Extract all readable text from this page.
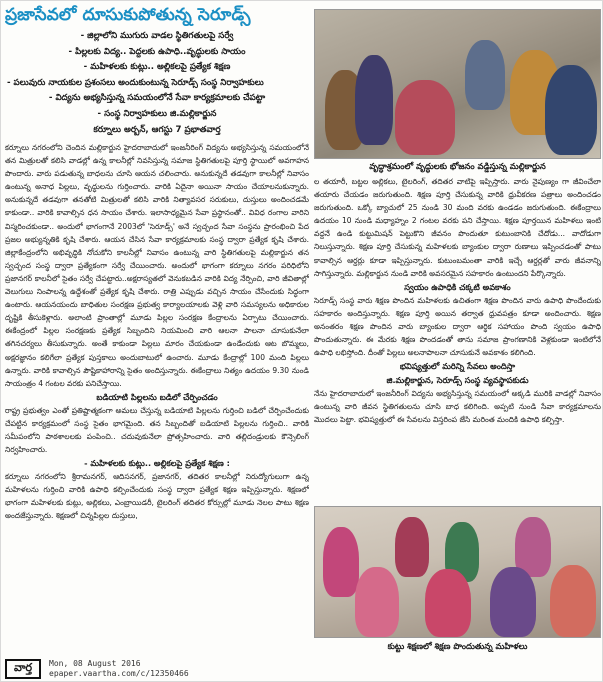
ప్రజాసేవలో దూసుకుపోతున్న సెరూడ్స్
- జిల్లాలోని ముగురు వాడల స్థితిగతులపై సర్వే
- పిల్లలకు విద్య.. పెద్దలకు ఉపాధి..వృద్ధులకు సాయం
- మహిళలకు కుట్లు.. అల్లికలపై ప్రత్యేక శిక్షణ
- పలువురు నాయకుల ప్రశంసలు అందుకుంటున్న సెరూడ్స్ సంస్థ నిర్వాహకులు
- విద్యను అభ్యసిస్తున్న సమయంలోనే సేవా కార్యక్రమాలకు చేపట్టా
- సంస్థ నిర్వాహకులు జి.మల్లికార్జున
కర్నూలు అర్బన్, ఆగస్టు 7 ప్రభాతవార్త
వృద్ధాశ్రమంలో వృద్ధులకు భోజనం వడ్డిస్తున్న మల్లికార్జున

కర్నూలు నగరంలోని చెందిన మల్లికార్జున హైదరాబాదులో ఇంజనీరింగ్ విద్యను అభ్యసిస్తున్న సమయంలోనే తన మిత్రులతో కలిసి వాడల్లో ఉన్న కాలనీల్లో నివసిస్తున్న సమాజ స్థితిగతులపై పూర్తి స్థాయిలో అవగాహన పొందారు. వారు పడుతున్న బాధలను చూసి ఆయన చలించారు. అనుకున్నదే తడవుగా కాలనీల్లో నివాసం ఉంటున్న అనాధ పిల్లలు, వృద్ధులను గుర్తించారు. వారికి ఏదైనా అయినా సాయం చేయాలనుకున్నారు. అనుకున్నదే తడవుగా తనతోటి మిత్రులతో కలిసి వారికి నిత్యావసర సరుకులు, దుస్తులు అందించడమే కాకుండా.. వారికి కావాల్సిన ధన సాయం చేశారు. ఇలాసాధ్యమైన సేవా ప్రస్థానంతో.. వివిధ రంగాల వారిని విస్మరించకుండా.. అందులో భాగంగానే 2003లో 'సెరూడ్స్' అనే స్వచ్ఛంద సేవా సంస్థను ప్రారంభించి పేద ప్రజల అభ్యున్నతికి కృషి చేశారు. ఆయన చేసిన సేవా కార్యక్రమాలకు సంస్థ ద్వారా ప్రత్యేక కృషి చేశారు. జిల్లాకేంద్రంలోని అభివృద్ధికి నోచుకోని కాలనీల్లో నివాసం ఉంటున్న వారి స్థితిగతులపై మల్లికార్జున తన స్వచ్ఛంద సంస్థ ద్వారా ప్రత్యేకంగా సర్వే చేయించారు. అందులో భాగంగా కర్నూలు నగరం పరిధిలోని ప్రజానగర్ కాలనీలో సైతం సర్వే చేపట్టారు..అక్షరాస్యతలో వెనుకబడిన వారికి విద్య నేర్పించి, వారి జీవితాల్లో వెలుగులు నింపాలన్న ఉద్దేశంతో ప్రత్యేక కృషి చేశారు. రాత్రి ఎప్పుడు వచ్చిన సాయం చేసేందుకు సిద్ధంగా ఉంటారు. ఆయనయందు బాధితుల సంరక్షణ ప్రభుత్వ కార్యాలయాలకు వెళ్లి వారి సమస్యలను అధికారుల దృష్టికి తీసుకెళ్లారు. అలాంటి ప్రాంతాల్లో మూడు పిల్లల సంరక్షణ కేంద్రాలను ఏర్పాటు చేయించారు. ఈకేంద్రంలో పిల్లల సంరక్షణకు ప్రత్యేక సిబ్బందిని నియమించి వారి ఆలనా పాలనా చూసుకునేలా తగినచర్యలు తీసుకున్నారు. అంతే కాకుండా పిల్లలు మారం చేయకుండా ఉండేందుకు ఆట బొమ్మలు, అక్షరజ్ఞానం కలిగేలా ప్రత్యేక పుస్తకాలు అందుబాటులో ఉంచారు. మూడు కేంద్రాల్లో 100 మంది పిల్లలు ఉన్నారు. వారికి కావాల్సిన పౌష్టికాహారాన్ని సైతం అందిస్తున్నారు. ఈకేంద్రాలు నిత్యం ఉదయం 9.30 నుండి సాయంత్రం 4 గంటల వరకు పనిచేస్తాయి.

బడియాటి పిల్లలను బడిలో చేర్పించడం

రాష్ట్ర ప్రభుత్వం ఎంతో ప్రతిష్టాత్మకంగా అమలు చేస్తున్న బడియాటి పిల్లలను గుర్తించి బడిలో చేర్పించేందుకు చేపట్టిన కార్యక్రమంలో సంస్థ సైతం భాగమైంది. తన సిబ్బందితో బడియాటి పిల్లలను గుర్తించి.. వారికి సమీపంలోని పాఠశాలలకు పంపించి.. చదువుకునేలా ప్రోత్సహించారు. వారి తల్లిదండ్రులకు కౌన్సెలింగ్ నిర్వహించారు.

- మహిళలకు కుట్లు.. అల్లికలపై ప్రత్యేక శిక్షణ :

కర్నూలు నగరంలోని శ్రీరామనగర్, ఆదిసనగర్, ప్రజానగర్, తదితర కాలనీల్లో నిరుద్యోగులుగా ఉన్న మహిళలను గుర్తించి వారికి ఉపాధి కల్పించేందుకు సంస్థ ద్వారా ప్రత్యేక శిక్షణ ఇప్పిస్తున్నారు. శిక్షణలో భాగంగా మహిళలకు కుట్లు, అల్లికలు, ఎంబ్రాయిడరీ, టైలరింగ్ తదితర కోర్సుల్లో మూడు నెలల పాటు శిక్షణ అందజేస్తున్నారు. శిక్షణలో చిన్నపిల్లల దుస్తులు,

ల తయారీ, బట్టల అల్లికలు, టైలరింగ్, తదితర వాటిపై ఇప్పిస్తారు. వారు నైపుణ్యం గా జీవించేలా తయారు చేయడం జరుగుతుంది. శిక్షణ పూర్తి చేసుకున్న వారికి ధ్రువీకరణ పత్రాలు అందించడం జరుగుతుంది. ఒక్కో బ్యాచులో 25 నుండి 30 మంది వరకు ఉండడం జరుగుతుంది. ఈకేంద్రాలు ఉదయం 10 నుండి మధ్యాహ్నం 2 గంటల వరకు పని చేస్తాయి. శిక్షణ పూర్తయిన మహిళలు ఇంటి వద్దనే ఉండి కుట్టుమిషన్ పెట్టుకొని జీవనం పొందుతూ కుటుంబానికి చేదోడు... వాదోడుగా నిలుస్తున్నారు. శిక్షణ పూర్తి చేసుకున్న మహిళలకు బ్యాంకుల ద్వారా రుణాలు ఇప్పించడంతో పాటు కావాల్సిన ఆర్డర్లు కూడా ఇప్పిస్తున్నారు. కుటుంబమంతా వారికి ఇచ్చే ఆర్డర్లతో వారు జీవనాన్ని సాగిస్తున్నారు. మల్లికార్జున నుండి వారికి అవసరమైన సహకారం ఉంటుందని పేర్కొన్నారు.

స్వయం ఉపాధికి చక్కటి అవకాశం

సెరూడ్స్ సంస్థ వారు శిక్షణ పొందిన మహిళలకు ఉచితంగా శిక్షణ పొందిన వారు ఉపాధి పొందేందుకు సహకారం అందిస్తున్నారు. శిక్షణ పూర్తి అయిన తర్వాత ధ్రువపత్రం కూడా అందించారు. శిక్షణ అనంతరం శిక్షణ పొందిన వారు బ్యాంకుల ద్వారా ఆర్థిక సహాయం పొంది స్వయం ఉపాధి పొందుతున్నారు. ఈ మేరకు శిక్షణ పొందడంతో తాను సమాజ ప్రాంగణానికి వెళ్లకుండా ఇంటిలోనే ఉపాధి లభిస్తోంది. దీంతో పిల్లలు అలనాపాలనా చూసుకునే అవకాశం కలిగింది.

భవిష్యత్తులో మరిన్ని సేవలు అందిస్తా
జి.మల్లికార్జున, సెరూడ్స్ సంస్థ వ్యవస్థాపకుడు

నేను హైదరాబాదులో ఇంజనీరింగ్ విద్యను అభ్యసిస్తున్న సమయంలో అక్కడి మురికి వాడల్లో నివాసం ఉంటున్న వారి జీవన స్థితిగతులను చూసి బాధ కలిగింది. అప్పటి నుండి సేవా కార్యక్రమాలను మొదలు పెట్టా. భవిష్యత్తులో ఈ సేవలను విస్తరింప జేసి మరింత మందికి ఉపాధి కల్పిస్తా.

కుట్టు శిక్షణలో శిక్షణ పొందుతున్న మహిళలు
వార్త	Mon, 08 August 2016
epaper.vaartha.com/c/12350466
